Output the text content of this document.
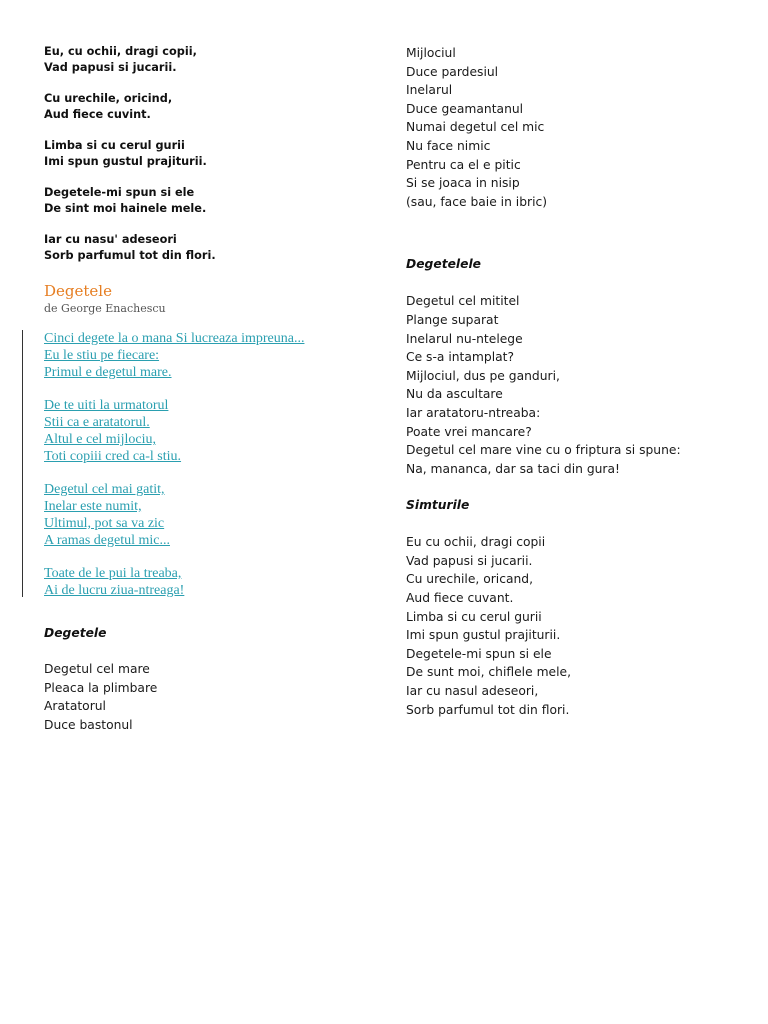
Eu, cu ochii, dragi copii,
Vad papusi si jucarii.
Cu urechile, oricind,
Aud fiece cuvint.
Limba si cu cerul gurii
Imi spun gustul prajiturii.
Degetele-mi spun si ele
De sint moi hainele mele.
Iar cu nasu' adeseori
Sorb parfumul tot din flori.
Degetele
de George Enachescu
Cinci degete la o mana Si lucreaza impreuna...
Eu le stiu pe fiecare:
Primul e degetul mare.
De te uiti la urmatorul
Stii ca e aratatorul.
Altul e cel mijlociu,
Toti copiii cred ca-l stiu.
Degetul cel mai gatit,
Inelar este numit,
Ultimul, pot sa va zic
A ramas degetul mic...
Toate de le pui la treaba,
Ai de lucru ziua-ntreaga!
Degetele
Degetul cel mare
Pleaca la plimbare
Aratatorul
Duce bastonul
Mijlociul
Duce pardesiul
Inelarul
Duce geamantanul
Numai degetul cel mic
Nu face nimic
Pentru ca el e pitic
Si se joaca in nisip
(sau, face baie in ibric)
Degetelele
Degetul cel mititel
Plange suparat
Inelarul nu-ntelege
Ce s-a intamplat?
Mijlociul, dus pe ganduri,
Nu da ascultare
Iar aratatoru-ntreaba:
Poate vrei mancare?
Degetul cel mare vine cu o friptura si spune:
Na, mananca, dar sa taci din gura!
Simturile
Eu cu ochii, dragi copii
Vad papusi si jucarii.
Cu urechile, oricand,
Aud fiece cuvant.
Limba si cu cerul gurii
Imi spun gustul prajiturii.
Degetele-mi spun si ele
De sunt moi, chiflele mele,
Iar cu nasul adeseori,
Sorb parfumul tot din flori.
